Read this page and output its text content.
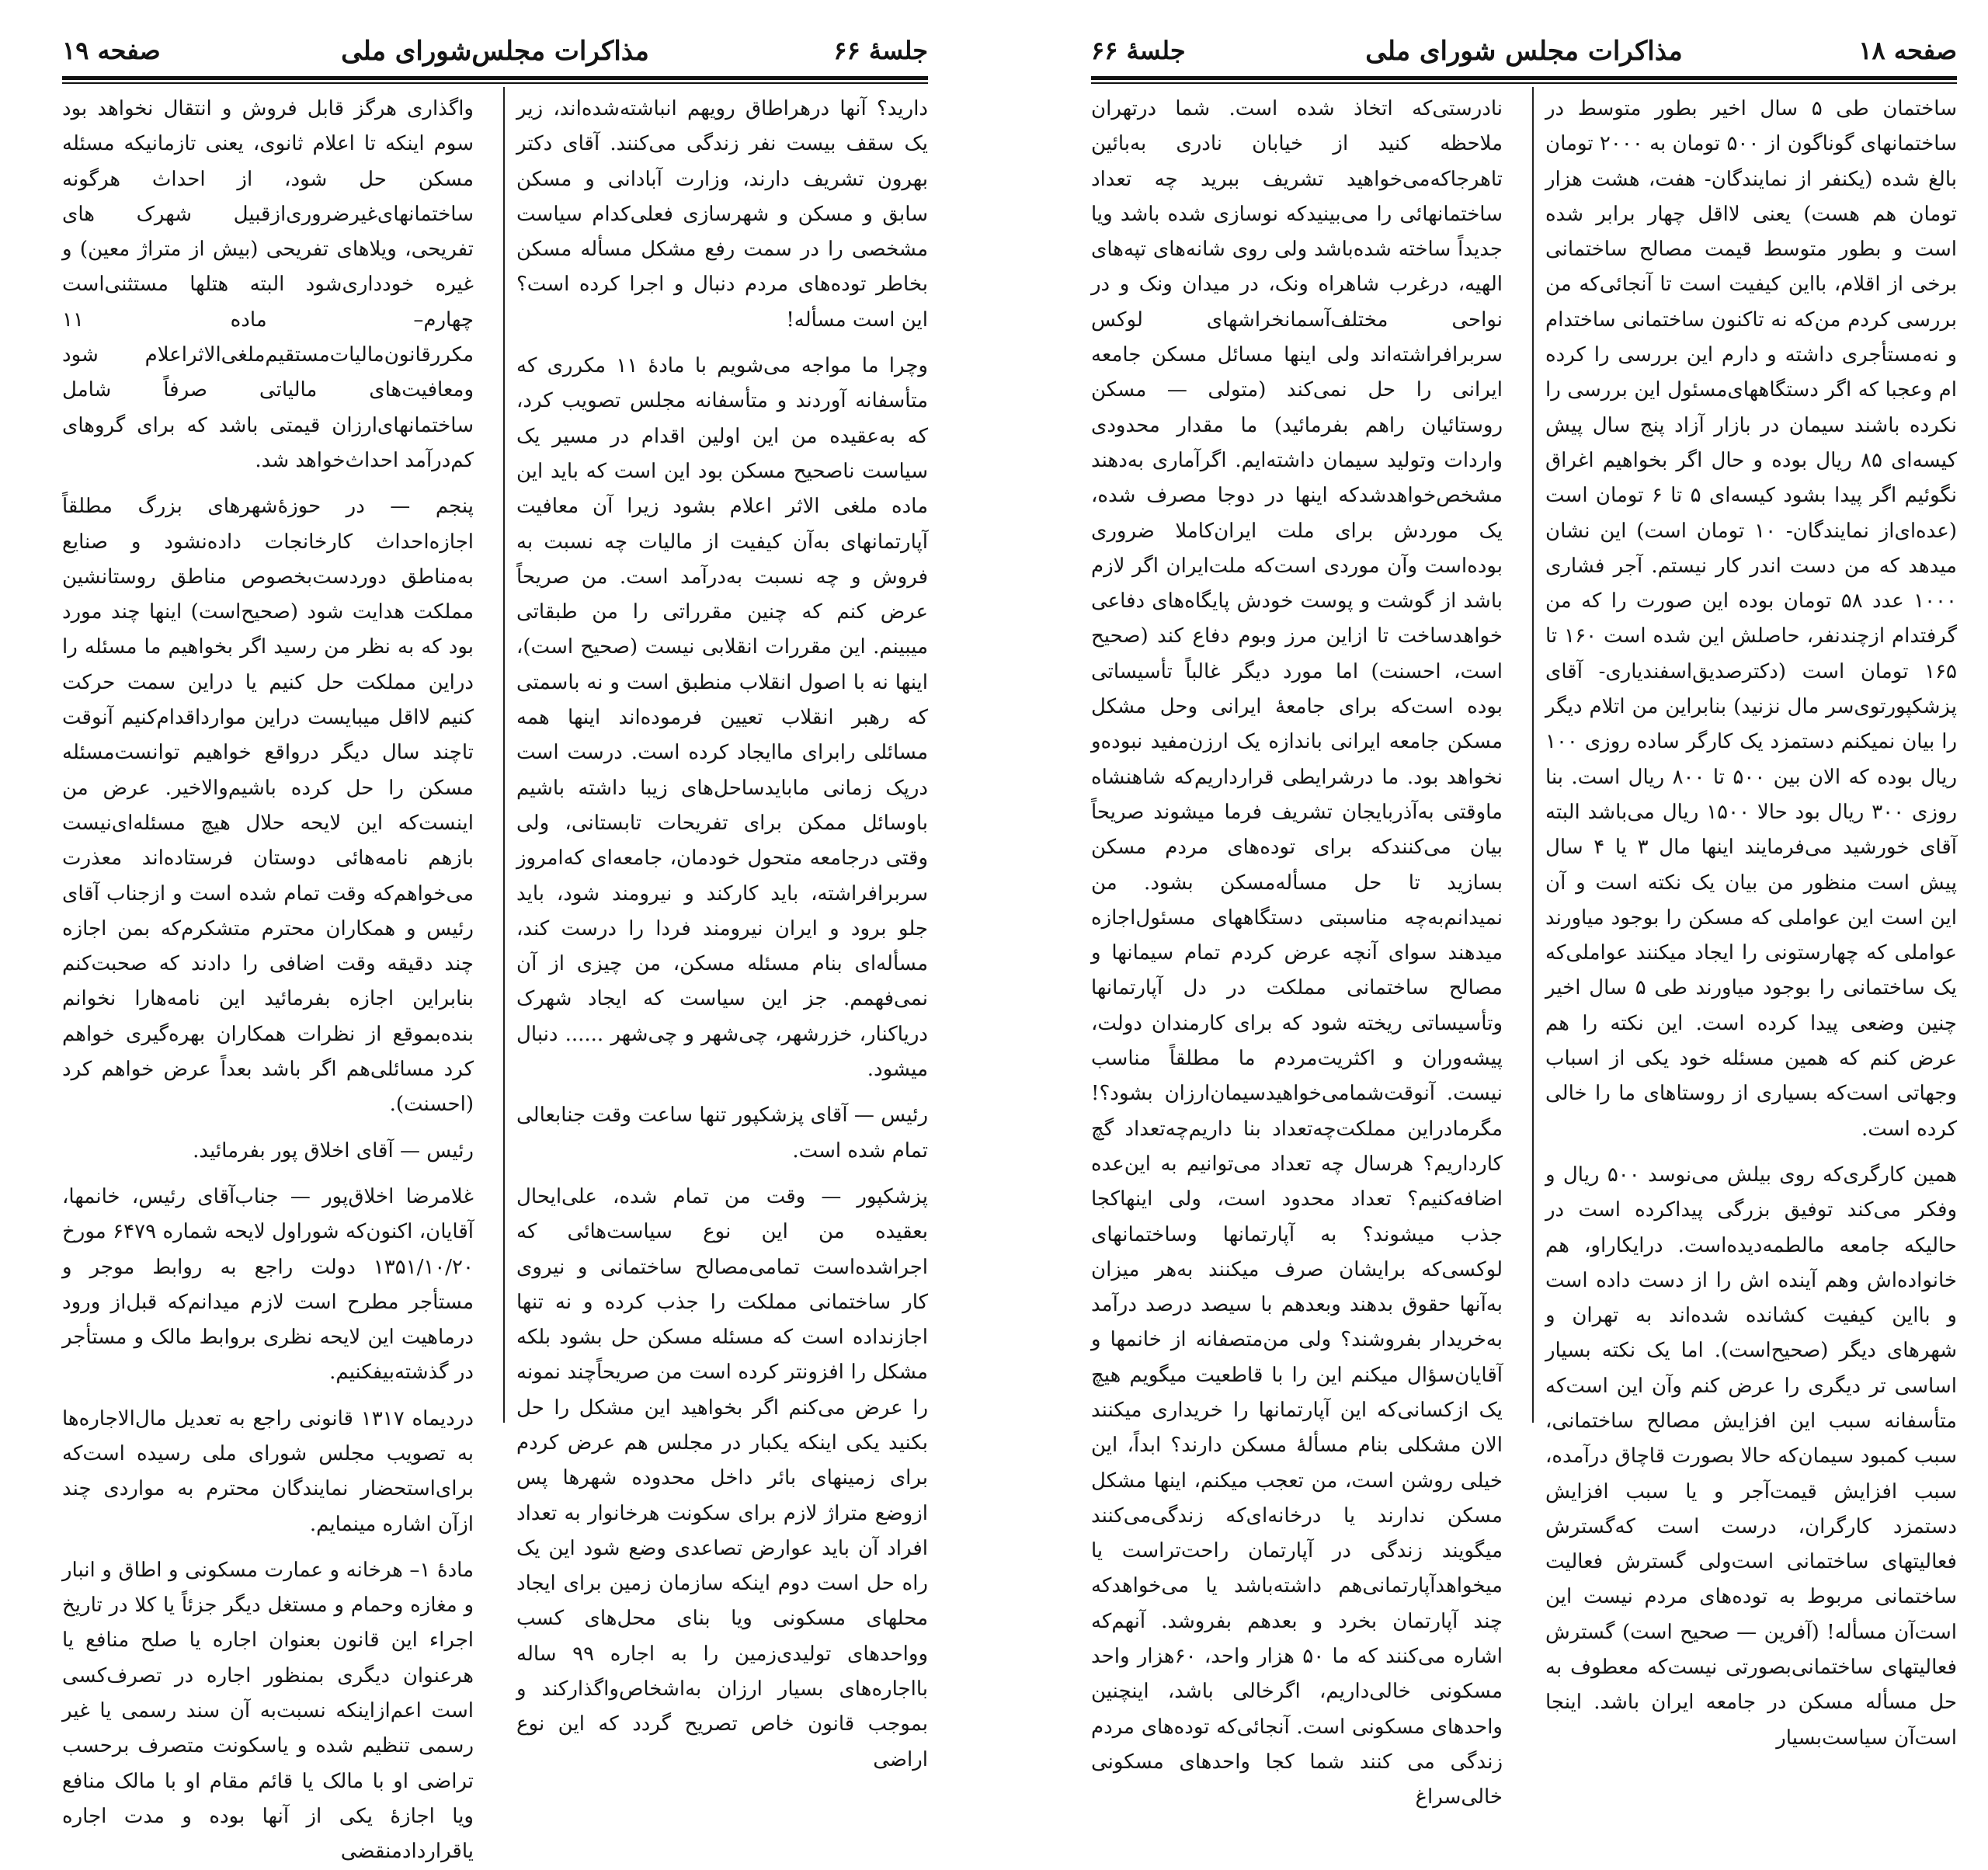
جلسهٔ ۶۶
مذاکرات مجلس‌شورای ملی
صفحه ۱۹

دارید؟ آنها درهراطاق رویهم انباشته‌شده‌اند، زیر یک سقف بیست نفر زندگی می‌کنند. آقای دکتر بهرون تشریف دارند، وزارت آبادانی و مسکن سابق و مسکن و شهرسازی فعلی‌کدام سیاست مشخصی را در سمت رفع مشکل مسأله مسکن بخاطر توده‌های مردم دنبال و اجرا کرده است؟ این است مسأله!

وچرا ما مواجه می‌شویم با مادهٔ ۱۱ مکرری که متأسفانه آوردند و متأسفانه مجلس تصویب کرد، که به‌عقیده من این اولین اقدام در مسیر یک سیاست ناصحیح مسکن بود این است که باید این ماده ملغی الاثر اعلام بشود زیرا آن معافیت آپارتمانهای به‌آن کیفیت از مالیات چه نسبت به فروش و چه نسبت به‌درآمد است. من صریحاً عرض کنم که چنین مقرراتی را من طبقاتی میبینم. این مقررات انقلابی نیست (صحیح است)، اینها نه با اصول انقلاب منطبق است و نه باسمتی که رهبر انقلاب تعیین فرموده‌اند اینها همه مسائلی رابرای ماایجاد کرده است. درست است درپک زمانی مابایدساحل‌های زیبا داشته باشیم باوسائل ممکن برای تفریحات تابستانی، ولی وقتی درجامعه متحول خودمان، جامعه‌ای که‌امروز سربرافراشته، باید کارکند و نیرومند شود، باید جلو برود و ایران نیرومند فردا را درست کند، مسأله‌ای بنام مسئله مسکن، من چیزی از آن نمی‌فهمم. جز این سیاست که ایجاد شهرک دریاکنار، خزرشهر، چی‌شهر و چی‌شهر ...... دنبال میشود.

رئیس — آقای پزشکپور تنها ساعت وقت جنابعالی تمام شده است.

پزشکپور — وقت من تمام شده، علی‌ایحال بعقیده من این نوع سیاست‌هائی که اجراشده‌است تمامی‌مصالح ساختمانی و نیروی کار ساختمانی مملکت را جذب کرده و نه تنها اجازنداده است که مسئله مسکن حل بشود بلکه مشکل را افزونتر کرده است من صریحاً‌چند نمونه را عرض می‌کنم اگر بخواهید این مشکل را حل بکنید یکی اینکه یکبار در مجلس هم عرض کردم برای زمینهای بائر داخل محدوده شهرها پس ازوضع متراژ لازم برای سکونت هرخانوار به تعداد افراد آن باید عوارض تصاعدی وضع شود این یک راه حل است دوم اینکه سازمان زمین برای ایجاد محلهای مسکونی ویا بنای محل‌های کسب وواحدهای تولیدی‌زمین را به اجاره ۹۹ ساله بااجاره‌های بسیار ارزان به‌اشخاص‌واگذارکند و بموجب قانون خاص تصریح گردد که این نوع اراضی

واگذاری هرگز قابل فروش و انتقال نخواهد بود سوم اینکه تا اعلام ثانوی، یعنی تازمانیکه مسئله مسکن حل شود، از احداث هرگونه ساختمانهای‌غیرضروری‌ازقبیل شهرک های تفریحی، ویلاهای تفریحی (بیش از متراژ معین) و غیره خودداری‌شود البته هتلها مستثنی‌است چهارم– ماده ۱۱ مکررقانون‌مالیات‌مستقیم‌ملغی‌الاثراعلام شود ومعافیت‌های مالیاتی صرفاً شامل ساختمانهای‌ارزان قیمتی باشد که برای گروهای کم‌درآمد احداث‌خواهد شد.

پنجم — در حوزهٔ‌شهرهای بزرگ مطلقاً اجازه‌احداث کارخانجات داده‌نشود و صنایع به‌مناطق دوردست‌بخصوص مناطق روستانشین مملکت هدایت شود (صحیح‌است) اینها چند مورد بود که به نظر من رسید اگر بخواهیم ما مسئله را دراین مملکت حل کنیم یا دراین سمت حرکت کنیم لااقل میبایست دراین موارداقدام‌کنیم آنوقت تاچند سال دیگر درواقع خواهیم توانست‌مسئله مسکن را حل کرده باشیم‌والاخیر. عرض من اینست‌که این لایحه حلال هیچ مسئله‌ای‌نیست بازهم نامه‌هائی دوستان فرستاده‌اند معذرت می‌خواهم‌که وقت تمام شده است و ازجناب آقای رئیس و همکاران محترم متشکرم‌که بمن اجازه چند دقیقه وقت اضافی را دادند که صحبت‌کنم بنابراین اجازه بفرمائید این نامه‌هارا نخوانم بنده‌بموقع از نظرات همکاران بهره‌گیری خواهم کرد مسائلی‌هم اگر باشد بعداً عرض خواهم کرد (احسنت).

رئیس — آقای اخلاق پور بفرمائید.

غلامرضا اخلاق‌پور — جناب‌آقای رئیس، خانمها، آقایان، اکنون‌که شوراول لایحه شماره ۶۴۷۹ مورخ ۱۳۵۱/۱۰/۲۰ دولت راجع به روابط موجر و مستأجر مطرح است لازم میدانم‌که قبل‌از ورود درماهیت این لایحه نظری بروابط مالک و مستأجر در گذشته‌بیفکنیم.

دردیماه ۱۳۱۷ قانونی راجع به تعدیل مال‌الاجاره‌ها به تصویب مجلس شورای ملی رسیده است‌که برای‌استحضار نمایندگان محترم به مواردی چند ازآن اشاره مینمایم.

مادهٔ ۱– هرخانه و عمارت مسکونی و اطاق و انبار و مغازه وحمام و مستغل دیگر جزئاً یا کلا در تاریخ اجراء این قانون بعنوان اجاره یا صلح منافع یا هرعنوان دیگری بمنظور اجاره در تصرف‌کسی است اعم‌ازاینکه نسبت‌به آن سند رسمی یا غیر رسمی تنظیم شده و یاسکونت متصرف برحسب تراضی او با مالک یا قائم مقام او با مالک منافع ویا اجازهٔ یکی از آنها بوده و مدت اجاره یاقرارداد‌منقضی

صفحه ۱۸
مذاکرات مجلس شورای ملی
جلسهٔ ۶۶

ساختمان طی ۵ سال اخیر بطور متوسط در ساختمانهای گوناگون از ۵۰۰ تومان به ۲۰۰۰ تومان بالغ شده (یکنفر از نمایندگان- هفت، هشت هزار تومان هم هست) یعنی لااقل چهار برابر شده است و بطور متوسط قیمت مصالح ساختمانی برخی از اقلام، بااین کیفیت است تا آنجائی‌که من بررسی کردم من‌که نه تاکنون ساختمانی ساختدام و نه‌مستأجری داشته و دارم این بررسی را کرده ام وعجبا که اگر دستگاههای‌مسئول این بررسی را نکرده باشند سیمان در بازار آزاد پنج سال پیش کیسه‌ای ۸۵ ریال بوده و حال اگر بخواهیم اغراق نگوئیم اگر پیدا بشود کیسه‌ای ۵ تا ۶ تومان است (عده‌ای‌از نمایندگان- ۱۰ تومان است) این نشان میدهد که من دست اندر کار نیستم. آجر فشاری ۱۰۰۰ عدد ۵۸ تومان بوده این صورت را که من گرفتدام ازچندنفر، حاصلش این شده است ۱۶۰ تا ۱۶۵ تومان است (دکترصدیق‌اسفندیاری- آقای پزشکپورتوی‌سر مال نزنید) بنابراین من اتلام دیگر را بیان نمیکنم دستمزد یک کارگر ساده روزی ۱۰۰ ریال بوده که الان بین ۵۰۰ تا ۸۰۰ ریال است. بنا روزی ۳۰۰ ریال بود حالا ۱۵۰۰ ریال می‌باشد البته آقای خورشید می‌فرمایند اینها مال ۳ یا ۴ سال پیش است منظور من بیان یک نکته است و آن این است این عواملی که مسکن را بوجود میاورند عواملی که چهارستونی را ایجاد میکنند عواملی‌که یک ساختمانی را بوجود میاورند طی ۵ سال اخیر چنین وضعی پیدا کرده است. این نکته را هم عرض کنم که همین مسئله خود یکی از اسباب وجهاتی است‌که بسیاری از روستاهای ما را خالی کرده است.

همین کارگری‌که روی بیلش می‌نوسد ۵۰۰ ریال و وفکر می‌کند توفیق بزرگی پیداکرده است در حالیکه جامعه مالطمه‌دیده‌است. درایکاراو، هم خانواده‌اش وهم آینده اش را از دست داده است و بااین کیفیت کشانده شده‌اند به تهران و شهرهای دیگر (صحیح‌است). اما یک نکته بسیار اساسی تر دیگری را عرض کنم وآن این است‌که متأسفانه سبب این افزایش مصالح ساختمانی، سبب کمبود سیمان‌که حالا بصورت قاچاق درآمده، سبب افزایش قیمت‌آجر و یا سبب افزایش دستمزد کارگران، درست است که‌گسترش فعالیتهای ساختمانی است‌ولی گسترش فعالیت ساختمانی مربوط به توده‌های مردم نیست این است‌آن مسأله! (آفرین — صحیح است) گسترش فعالیتهای ساختمانی‌بصورتی نیست‌که معطوف به حل مسأله مسکن در جامعه ایران باشد. اینجا است‌آن سیاست‌بسیار

نادرستی‌که اتخاذ شده است. شما درتهران ملاحظه کنید از خیابان نادری به‌بائین تاهرجاکه‌می‌خواهید تشریف ببرید چه تعداد ساختمانهائی را می‌بینید‌که نوسازی شده باشد ویا جدیداً ساخته شده‌باشد ولی روی شانه‌های تپه‌های الهیه، درغرب شاهراه ونک، در میدان ونک و در نواحی مختلف‌آسمانخراشهای لوکس سربرافراشته‌اند ولی اینها مسائل مسکن جامعه ایرانی را حل نمی‌کند (متولی — مسکن روستائیان راهم بفرمائید) ما مقدار محدودی واردات وتولید سیمان داشته‌ایم. اگرآماری به‌دهند مشخص‌خواهدشدکه اینها در دوجا مصرف شده، یک موردش برای ملت ایران‌کاملا ضروری بوده‌است وآن موردی است‌که ملت‌ایران اگر لازم باشد از گوشت و پوست خودش پایگاه‌های دفاعی خواهدساخت تا ازاین مرز وبوم دفاع کند (صحیح است، احسنت) اما مورد دیگر غالباً تأسیساتی بوده است‌که برای جامعهٔ ایرانی وحل مشکل مسکن جامعه ایرانی باندازه یک ارزن‌مفید نبوده‌و نخواهد بود. ما درشرایطی قرارداریم‌که شاهنشاه ماوقتی به‌آذربایجان تشریف فرما میشوند صریحاً بیان می‌کنند‌که برای توده‌های مردم مسکن بسازید تا حل مسأله‌مسکن بشود. من نمیدانم‌به‌چه مناسبتی دستگاههای مسئول‌اجازه میدهند سوای آنچه عرض کردم تمام سیمانها و مصالح ساختمانی مملکت در دل آپارتمانها وتأسیساتی ریخته شود که برای کارمندان دولت، پیشه‌وران و اکثریت‌مردم ما مطلقاً مناسب نیست. آنوقت‌شمامی‌خواهیدسیمان‌ارزان بشود؟! مگرمادراین مملکت‌چه‌تعداد بنا داریم‌چه‌تعداد گچ کارداریم؟ هرسال چه تعداد می‌توانیم به این‌عده اضافه‌کنیم؟ تعداد محدود است، ولی اینها‌کجا جذب میشوند؟ به آپارتمانها وساختمانهای لوکسی‌که برایشان صرف میکنند به‌هر میزان به‌آنها حقوق بدهند وبعدهم با سیصد درصد درآمد به‌خریدار بفروشند؟ ولی من‌متصفانه از خانمها و آقایان‌سؤال میکنم این را با قاطعیت میگویم هیچ یک ازکسانی‌که این آپارتمانها را خریداری میکنند الان مشکلی بنام مسألهٔ مسکن دارند؟ ابداً، این خیلی روشن است، من تعجب میکنم، اینها مشکل مسکن ندارند یا درخانه‌ای‌که زندگی‌می‌کنند میگویند زندگی در آپارتمان راحت‌تراست یا میخواهدآپارتمانی‌هم داشته‌باشد یا می‌خواهد‌که چند آپارتمان بخرد و بعدهم بفروشد. آنهم‌که اشاره می‌کنند که ما ۵۰ هزار واحد، ۶۰هزار واحد مسکونی خالی‌داریم، اگرخالی باشد، اینچنین واحدهای مسکونی است. آنجائی‌که توده‌های مردم زندگی می کنند شما کجا واحدهای مسکونی خالی‌سراغ
